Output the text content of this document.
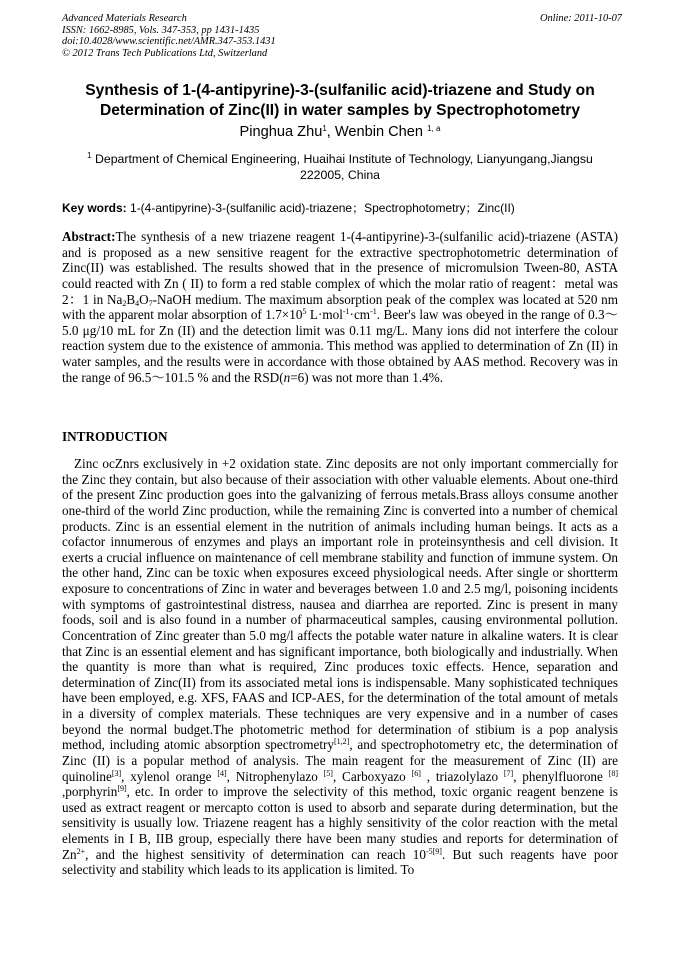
Advanced Materials Research
ISSN: 1662-8985, Vols. 347-353, pp 1431-1435
doi:10.4028/www.scientific.net/AMR.347-353.1431
© 2012 Trans Tech Publications Ltd, Switzerland
Online: 2011-10-07
Synthesis of 1-(4-antipyrine)-3-(sulfanilic acid)-triazene and Study on Determination of Zinc(II) in water samples by Spectrophotometry
Pinghua Zhu$^1$, Wenbin Chen $^{1, a}$
$^1$ Department of Chemical Engineering, Huaihai Institute of Technology, Lianyungang,Jiangsu 222005, China
Key words: 1-(4-antipyrine)-3-(sulfanilic acid)-triazene；Spectrophotometry；Zinc(II)
Abstract:The synthesis of a new triazene reagent 1-(4-antipyrine)-3-(sulfanilic acid)-triazene (ASTA) and is proposed as a new sensitive reagent for the extractive spectrophotometric determination of Zinc(II) was established. The results showed that in the presence of micromulsion Tween-80, ASTA could reacted with Zn ( II) to form a red stable complex of which the molar ratio of reagent：metal was 2：1 in $Na_2B_4O_7$-NaOH medium. The maximum absorption peak of the complex was located at 520 nm with the apparent molar absorption of $1.7\times 10^5$ $L\cdot mol^{-1}\cdot cm^{-1}$. Beer's law was obeyed in the range of 0.3～5.0 μg/10 mL for Zn (II) and the detection limit was 0.11 mg/L. Many ions did not interfere the colour reaction system due to the existence of ammonia. This method was applied to determination of Zn (II) in water samples, and the results were in accordance with those obtained by AAS method. Recovery was in the range of 96.5～101.5 % and the RSD(n=6) was not more than 1.4%.
INTRODUCTION
Zinc ocZnrs exclusively in +2 oxidation state. Zinc deposits are not only important commercially for the Zinc they contain, but also because of their association with other valuable elements. About one-third of the present Zinc production goes into the galvanizing of ferrous metals.Brass alloys consume another one-third of the world Zinc production, while the remaining Zinc is converted into a number of chemical products. Zinc is an essential element in the nutrition of animals including human beings. It acts as a cofactor innumerous of enzymes and plays an important role in proteinsynthesis and cell division. It exerts a crucial influence on maintenance of cell membrane stability and function of immune system. On the other hand, Zinc can be toxic when exposures exceed physiological needs. After single or shortterm exposure to concentrations of Zinc in water and beverages between 1.0 and 2.5 mg/l, poisoning incidents with symptoms of gastrointestinal distress, nausea and diarrhea are reported. Zinc is present in many foods, soil and is also found in a number of pharmaceutical samples, causing environmental pollution. Concentration of Zinc greater than 5.0 mg/l affects the potable water nature in alkaline waters. It is clear that Zinc is an essential element and has significant importance, both biologically and industrially. When the quantity is more than what is required, Zinc produces toxic effects. Hence, separation and determination of Zinc(II) from its associated metal ions is indispensable. Many sophisticated techniques have been employed, e.g. XFS, FAAS and ICP-AES, for the determination of the total amount of metals in a diversity of complex materials. These techniques are very expensive and in a number of cases beyond the normal budget.The photometric method for determination of stibium is a pop analysis method, including atomic absorption spectrometry[1,2], and spectrophotometry etc, the determination of Zinc (II) is a popular method of analysis. The main reagent for the measurement of Zinc (II) are quinoline[3], xylenol orange [4], Nitrophenylazo [5], Carboxyazo [6] , triazolylazo [7], phenylfluorone [8] ,porphyrin[9], etc. In order to improve the selectivity of this method, toxic organic reagent benzene is used as extract reagent or mercapto cotton is used to absorb and separate during determination, but the sensitivity is usually low. Triazene reagent has a highly sensitivity of the color reaction with the metal elements in I B, IIB group, especially there have been many studies and reports for determination of $Zn^{2+}$, and the highest sensitivity of determination can reach $10^{-5[9]}$. But such reagents have poor selectivity and stability which leads to its application is limited. To
